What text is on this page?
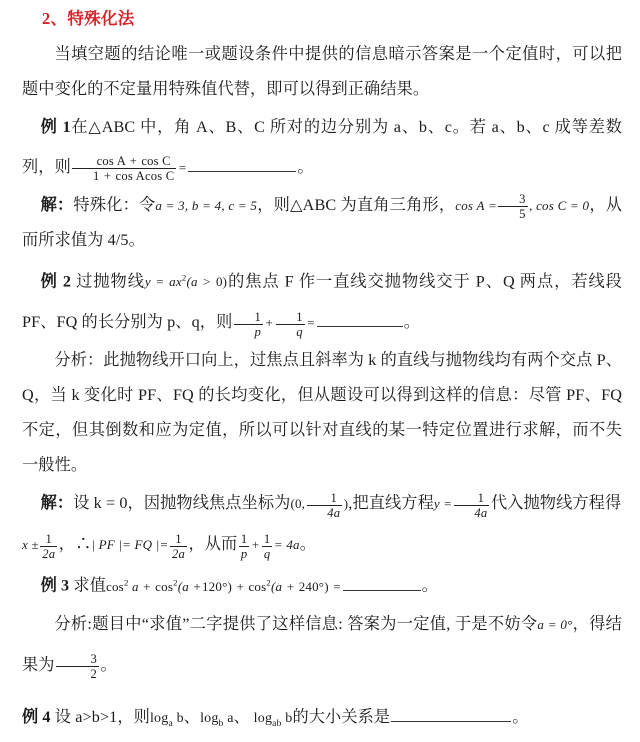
2、特殊化法

当填空题的结论唯一或题设条件中提供的信息暗示答案是一个定值时，可以把题中变化的不定量用特殊值代替，即可以得到正确结果。

例 1在△ABC 中，角 A、B、C 所对的边分别为 a、b、c。若 a、b、c 成等差数列，则 $\frac{\text{cos A + cos C}}{\text{1 + cos Acos C}}$ =	。

解：特殊化：令a = 3, b = 4, c = 5，则△ABC 为直角三角形，$\cos A = \frac{3}{5}$ , cos C = 0，从而所求值为 4/5。

例 2 过抛物线$y = ax^2(a > 0)$的焦点 F 作一直线交抛物线交于 P、Q 两点，若线段 PF、FQ 的长分别为 p、q，则 $\frac{1}{p} + \frac{1}{q}$ =	。

分析：此抛物线开口向上，过焦点且斜率为 k 的直线与抛物线均有两个交点 P、Q，当 k 变化时 PF、FQ 的长均变化，但从题设可以得到这样的信息：尽管 PF、FQ 不定，但其倒数和应为定值，所以可以针对直线的某一特定位置进行求解，而不失一般性。

解：设 k = 0，因抛物线焦点坐标为(0, $\frac{1}{4a}$ ),把直线方程$y = \frac{1}{4a}$ 代入抛物线方程得

$x \pm \frac{1}{2a}$ ，∴| PF |= FQ |= $\frac{1}{2a}$ ，从而 $\frac{1}{p} + \frac{1}{q} = 4a$。

例 3 求值$\cos^2 a + \cos^2(a +120^\circ) + \cos^2(a + 240^\circ)$ =	。

分析:题目中“求值”二字提供了这样信息: 答案为一定值, 于是不妨令a = 0°，得结果为 $\frac{3}{2}$ 。

例 4 设 a>b>1，则$\log_a b$、$\log_b a$、 $\log_{ab} b$的大小关系是	。
